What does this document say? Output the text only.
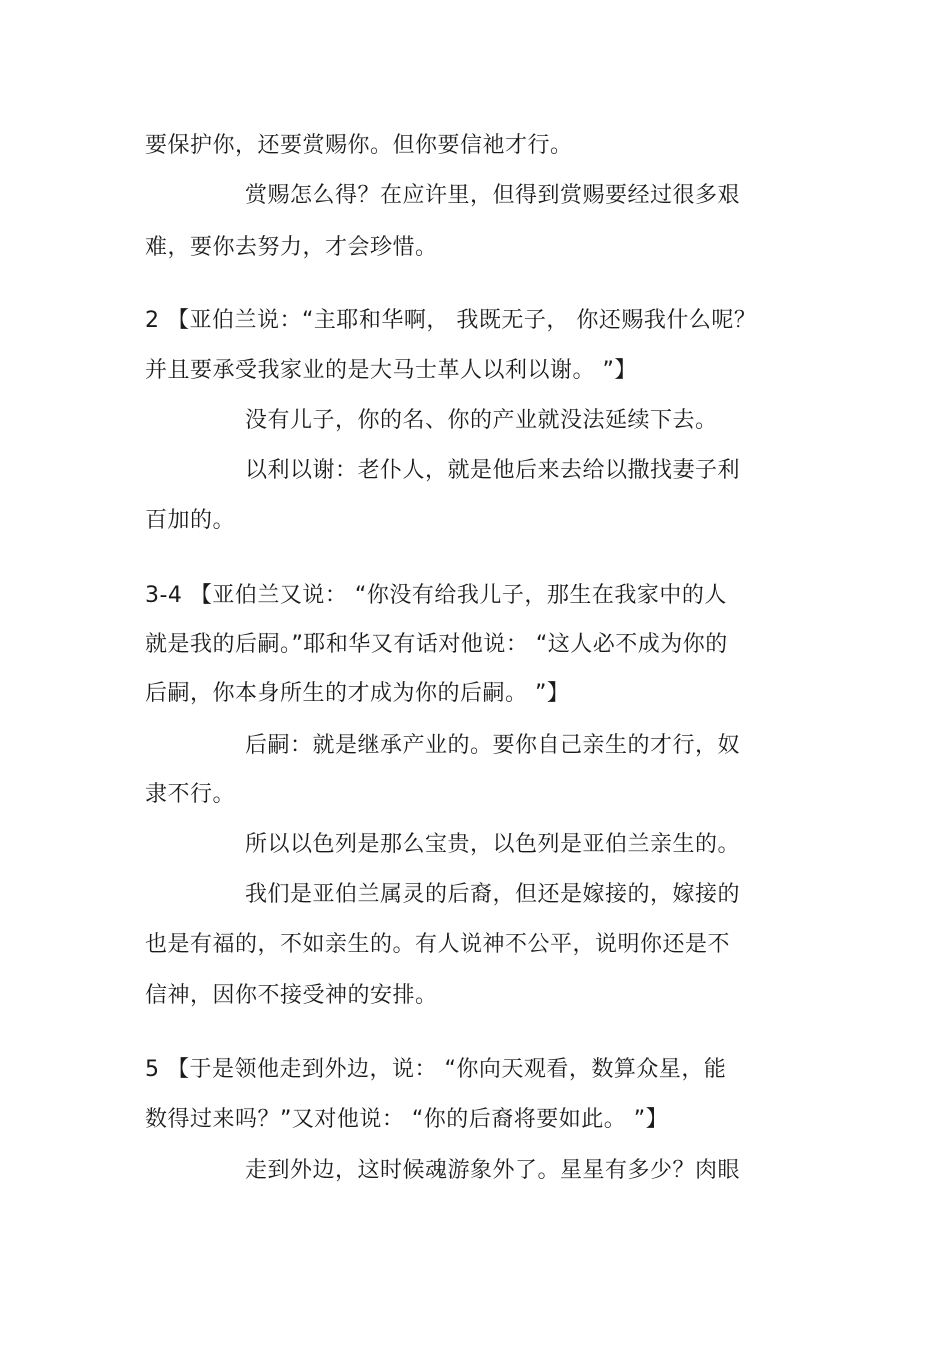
要保护你，还要赏赐你。但你要信祂才行。
赏赐怎么得？在应许里，但得到赏赐要经过很多艰
难，要你去努力，才会珍惜。
2 【亚伯兰说：“主耶和华啊， 我既无子， 你还赐我什么呢？
并且要承受我家业的是大马士革人以利以谢。 ”】
没有儿子，你的名、你的产业就没法延续下去。
以利以谢：老仆人，就是他后来去给以撒找妻子利
百加的。
3-4 【亚伯兰又说： “你没有给我儿子，那生在我家中的人
就是我的后嗣。”耶和华又有话对他说： “这人必不成为你的
后嗣，你本身所生的才成为你的后嗣。 ”】
后嗣：就是继承产业的。要你自己亲生的才行，奴
隶不行。
所以以色列是那么宝贵，以色列是亚伯兰亲生的。
我们是亚伯兰属灵的后裔，但还是嫁接的，嫁接的
也是有福的，不如亲生的。有人说神不公平，说明你还是不
信神，因你不接受神的安排。
5 【于是领他走到外边，说： “你向天观看，数算众星，能
数得过来吗？”又对他说： “你的后裔将要如此。 ”】
走到外边，这时候魂游象外了。星星有多少？肉眼
